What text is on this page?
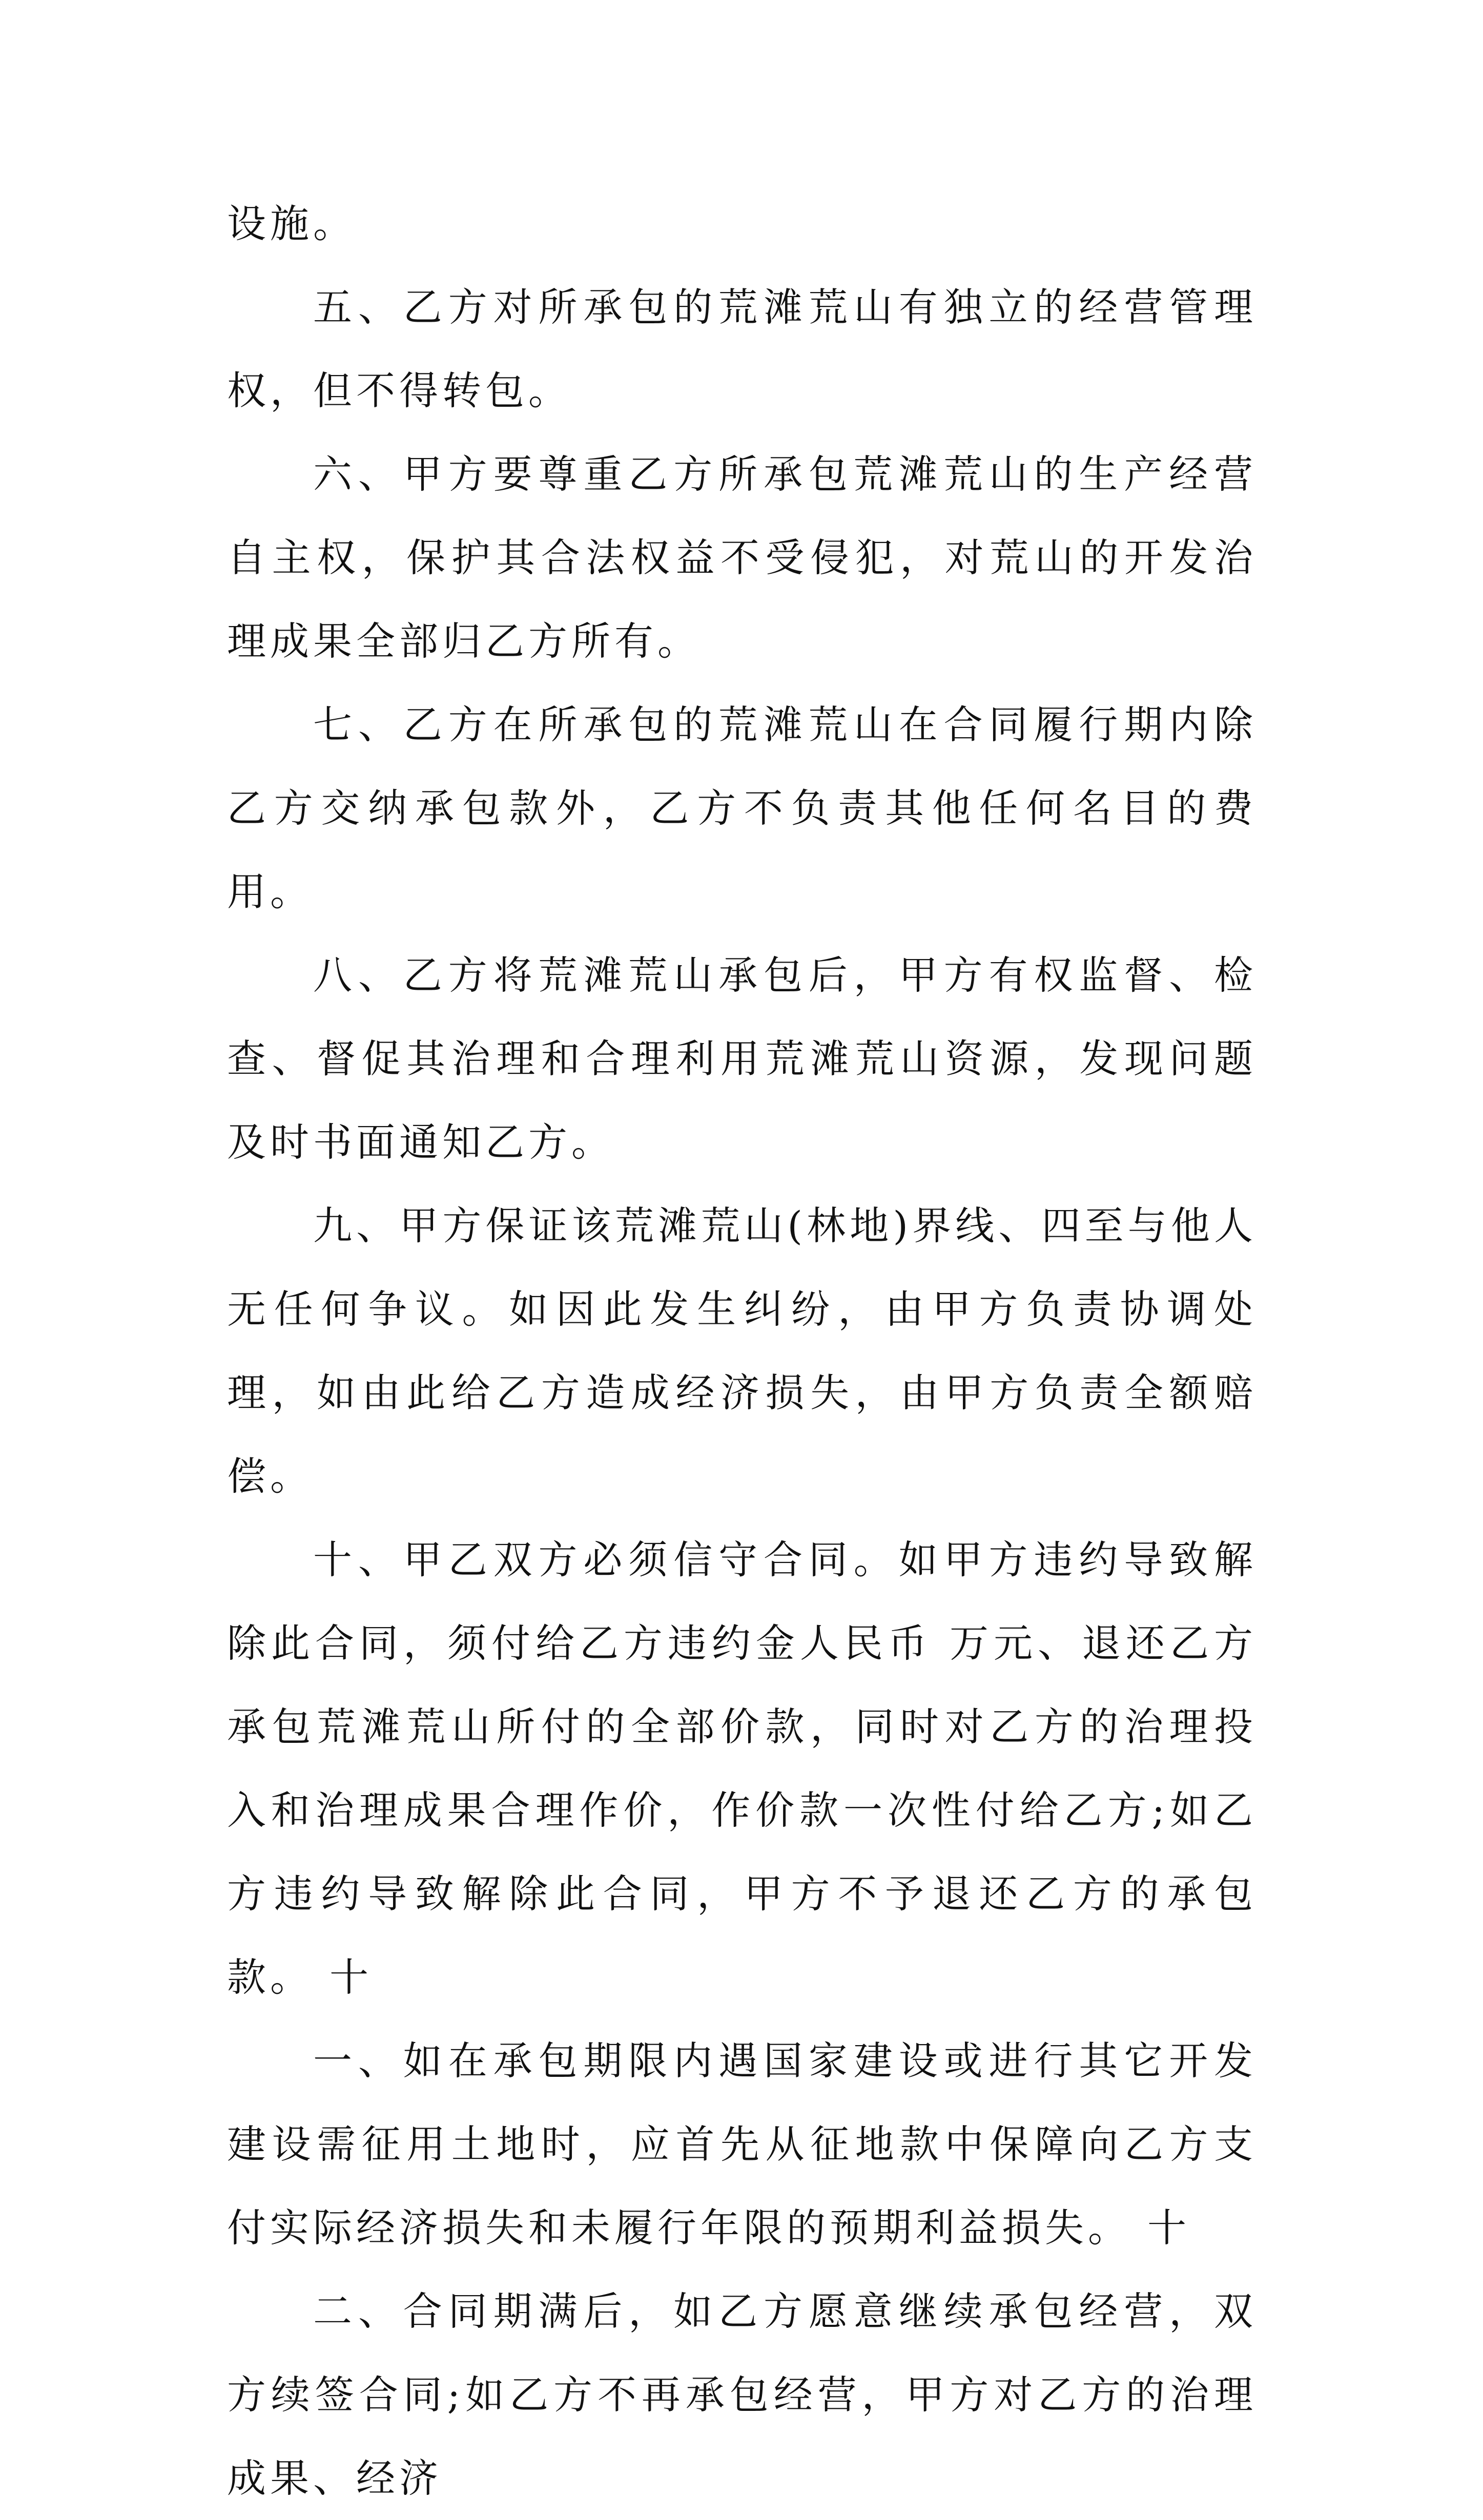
设施。

五、乙方对所承包的荒滩荒山有独立的经营管理权，但不得转包。

六、甲方要尊重乙方所承包荒滩荒山的生产经营自主权，保护其合法权益不受侵犯，对荒山的开发治理成果全部归乙方所有。

七、乙方在所承包的荒滩荒山在合同履行期内除乙方交纳承包款外，乙方不负责其他任何名目的费用。

八、乙方将荒滩荒山承包后，甲方有权监督、检查、督促其治理和合理利用荒滩荒山资源，发现问题及时书面通知乙方。

九、甲方保证该荒滩荒山(林地)界线、四至与他人无任何争议。如因此发生纠纷，由甲方负责协调处理，如由此给乙方造成经济损失，由甲方负责全额赔偿。

十、甲乙双方必须信守合同。如甲方违约导致解除此合同，须付给乙方违约金人民币 万元、退还乙方承包荒滩荒山所付的全部价款，同时对乙方的治理投入和治理成果合理作价，作价款一次性付给乙方;如乙方违约导致解除此合同，甲方不予退还乙方的承包款。 十

一、如在承包期限内遇国家建设或进行其它开发建设需征用土地时，应首先从征地款中保障向乙方支付实际经济损失和未履行年限的预期利益损失。 十

二、合同期满后，如乙方愿意继续承包经营，双方续签合同;如乙方不再承包经营，甲方对乙方的治理成果、经济
